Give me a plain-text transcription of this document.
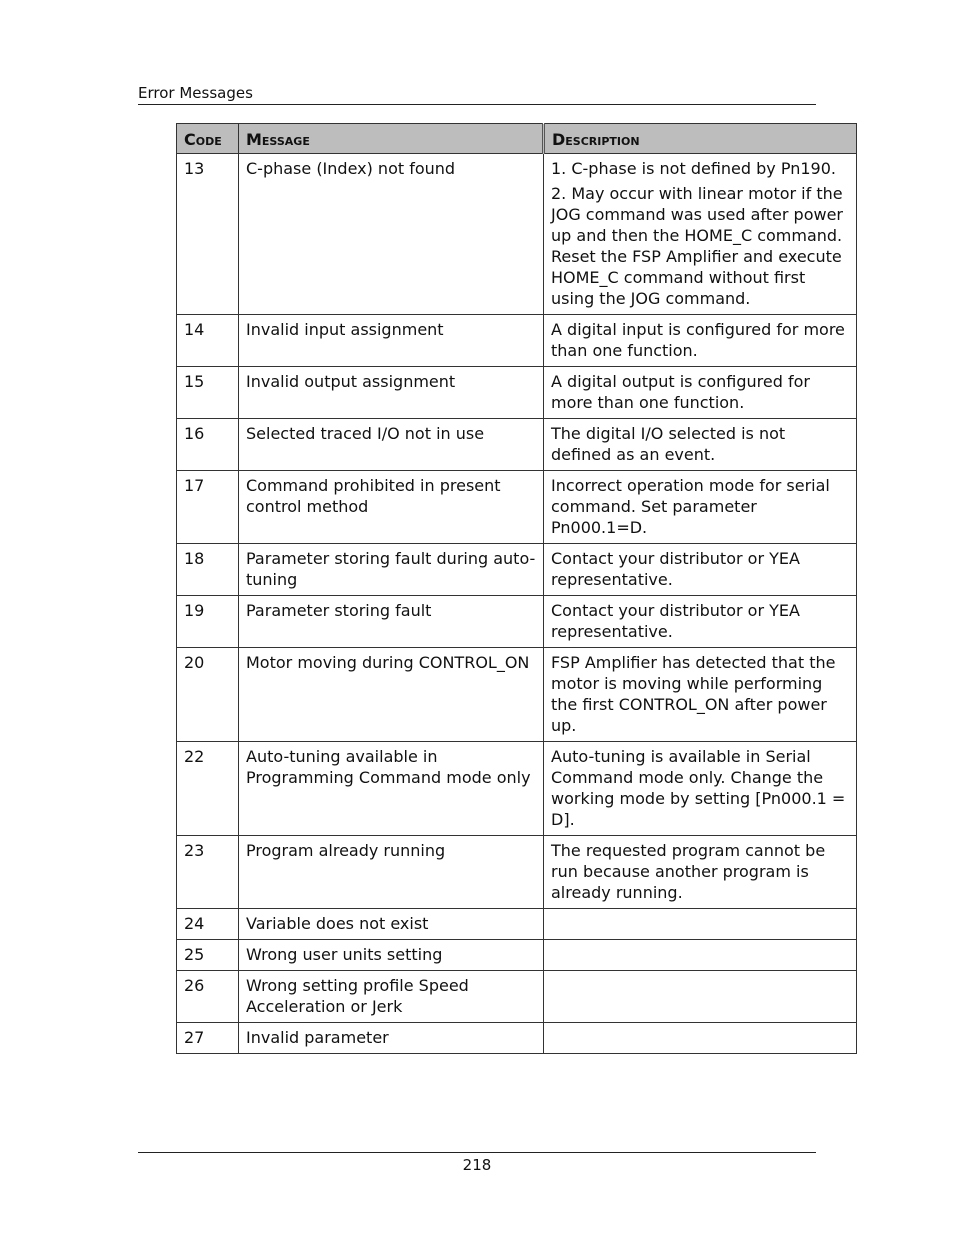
Error Messages
Code	Message	Description
13	C-phase (Index) not found	1. C-phase is not defined by Pn190.

2. May occur with linear motor if the JOG command was used after power up and then the HOME_C command. Reset the FSP Amplifier and execute HOME_C command without first using the JOG command.

14	Invalid input assignment	A digital input is configured for more than one function.

15	Invalid output assignment	A digital output is configured for more than one function.

16	Selected traced I/O not in use	The digital I/O selected is not defined as an event.

17	Command prohibited in present control method	Incorrect operation mode for serial command. Set parameter Pn000.1=D.

18	Parameter storing fault during auto-tuning	Contact your distributor or YEA representative.

19	Parameter storing fault	Contact your distributor or YEA representative.

20	Motor moving during CONTROL_ON	FSP Amplifier has detected that the motor is moving while performing the first CONTROL_ON after power up.

22	Auto-tuning available in Programming Command mode only	Auto-tuning is available in Serial Command mode only. Change the working mode by setting [Pn000.1 = D].

23	Program already running	The requested program cannot be run because another program is already running.

24	Variable does not exist	
25	Wrong user units setting	
26	Wrong setting profile Speed Acceleration or Jerk	
27	Invalid parameter	
218
